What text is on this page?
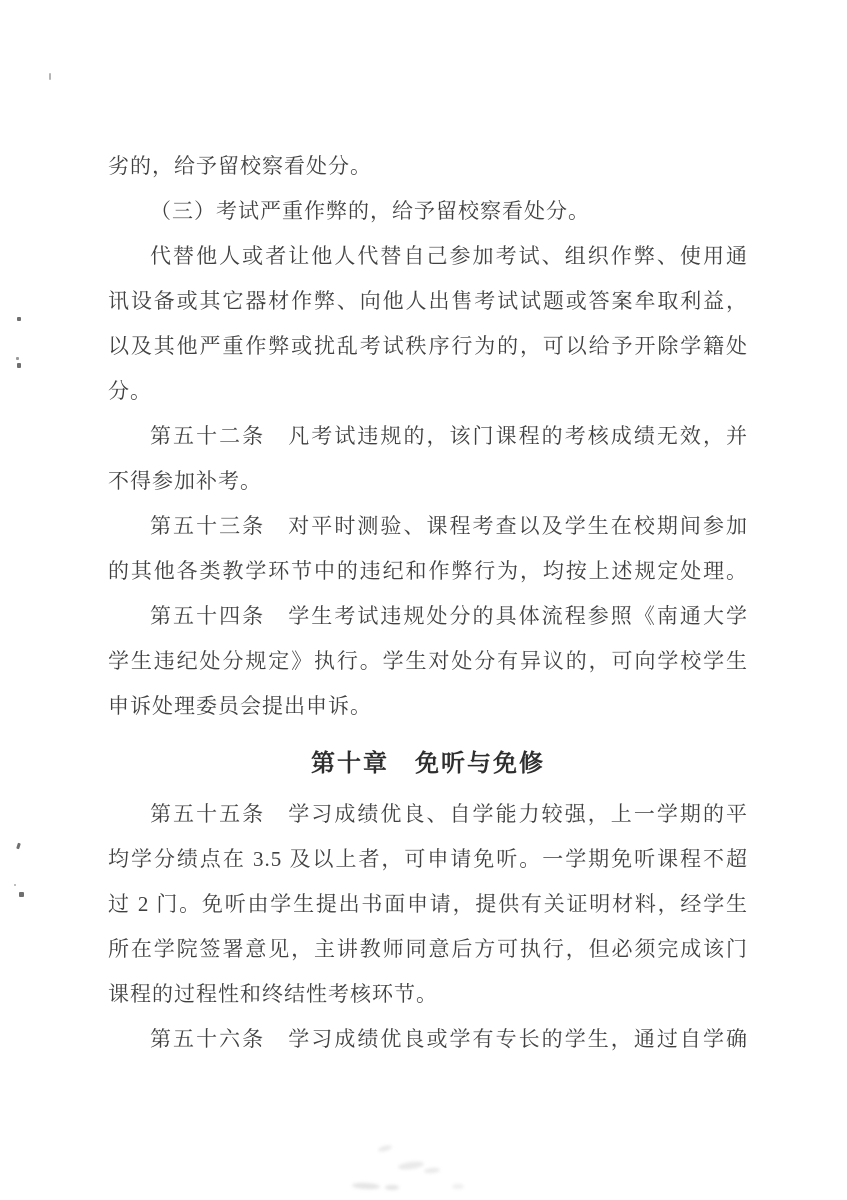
劣的，给予留校察看处分。
（三）考试严重作弊的，给予留校察看处分。
代替他人或者让他人代替自己参加考试、组织作弊、使用通
讯设备或其它器材作弊、向他人出售考试试题或答案牟取利益，
以及其他严重作弊或扰乱考试秩序行为的，可以给予开除学籍处
分。
第五十二条　凡考试违规的，该门课程的考核成绩无效，并
不得参加补考。
第五十三条　对平时测验、课程考查以及学生在校期间参加
的其他各类教学环节中的违纪和作弊行为，均按上述规定处理。
第五十四条　学生考试违规处分的具体流程参照《南通大学
学生违纪处分规定》执行。学生对处分有异议的，可向学校学生
申诉处理委员会提出申诉。
第十章　免听与免修
第五十五条　学习成绩优良、自学能力较强，上一学期的平
均学分绩点在 3.5 及以上者，可申请免听。一学期免听课程不超
过 2 门。免听由学生提出书面申请，提供有关证明材料，经学生
所在学院签署意见，主讲教师同意后方可执行，但必须完成该门
课程的过程性和终结性考核环节。
第五十六条　学习成绩优良或学有专长的学生，通过自学确
